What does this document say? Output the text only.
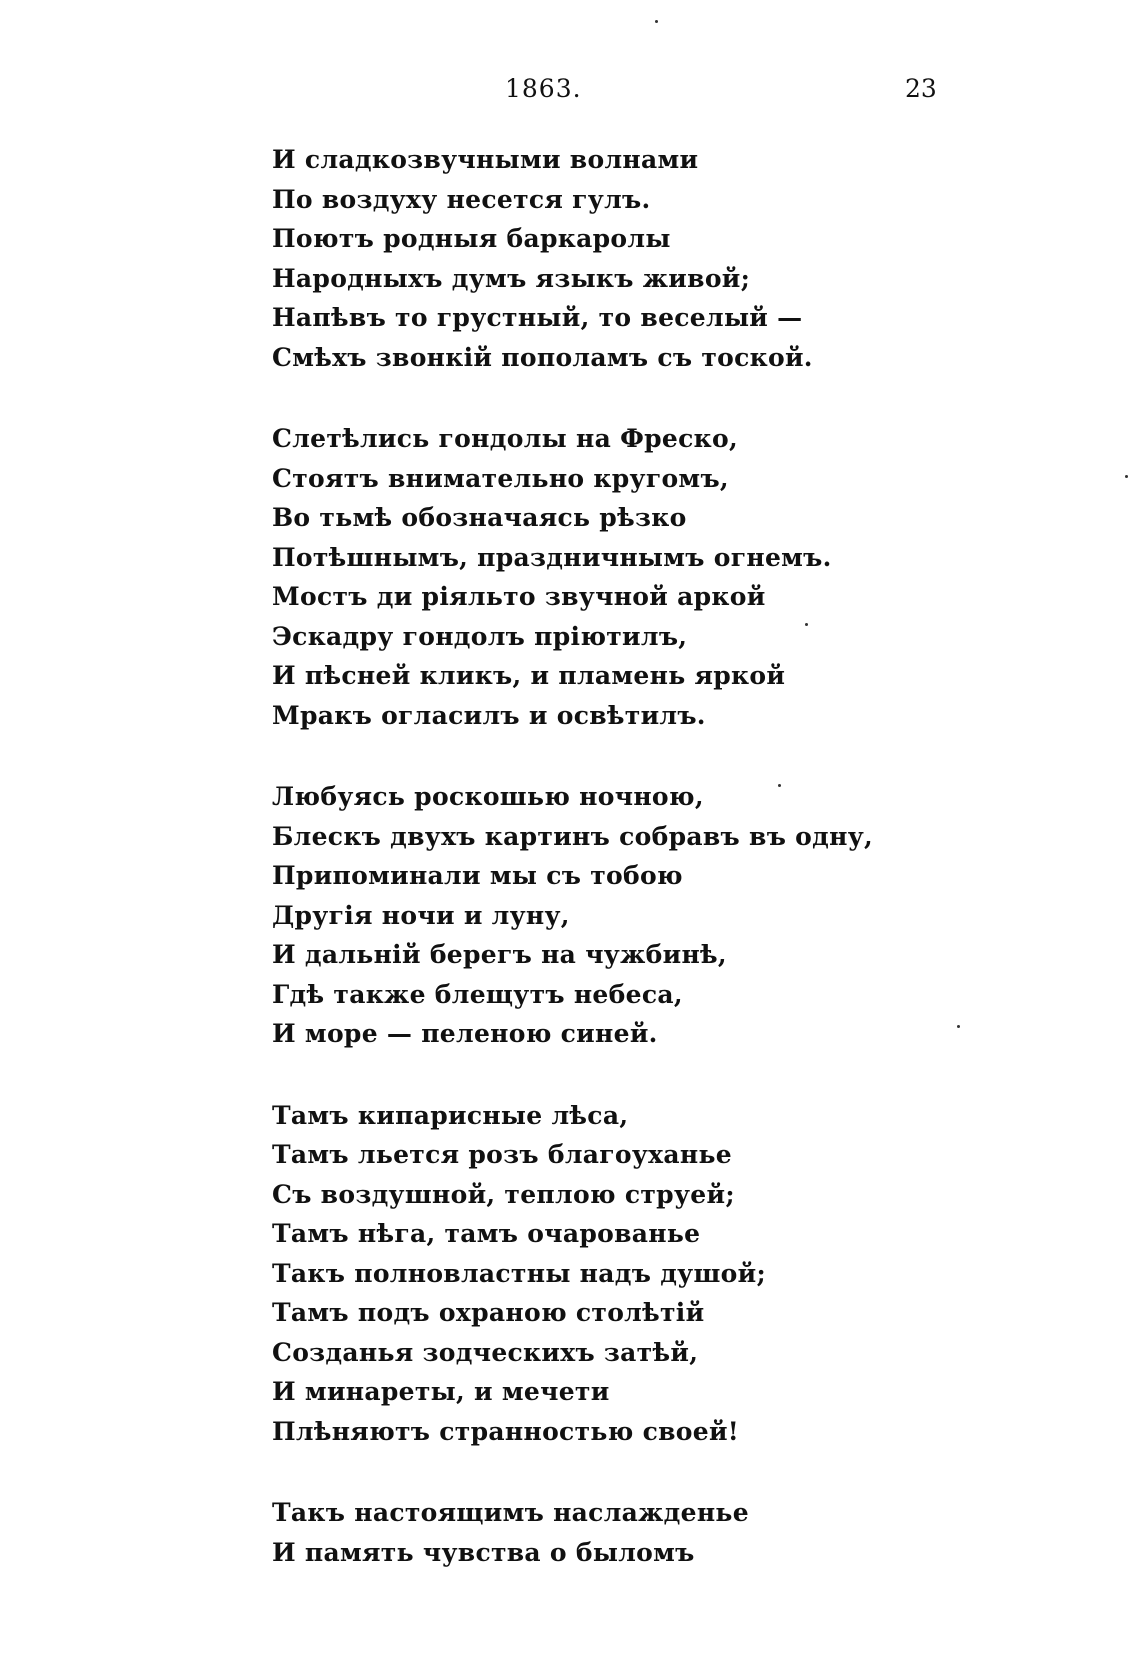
1863.	23
И сладкозвучными волнами
По воздуху несется гулъ.
Поютъ родныя баркаролы
Народныхъ думъ языкъ живой;
Напѣвъ то грустный, то веселый —
Смѣхъ звонкій пополамъ съ тоской.
Слетѣлись гондолы на Фреско,
Стоятъ внимательно кругомъ,
Во тьмѣ обозначаясь рѣзко
Потѣшнымъ, праздничнымъ огнемъ.
Мостъ ди ріяльто звучной аркой
Эскадру гондолъ пріютилъ,
И пѣсней кликъ, и пламень яркой
Мракъ огласилъ и освѣтилъ.
Любуясь роскошью ночною,
Блескъ двухъ картинъ собравъ въ одну,
Припоминали мы съ тобою
Другія ночи и луну,
И дальній берегъ на чужбинѣ,
Гдѣ также блещутъ небеса,
И море — пеленою синей.
Тамъ кипарисные лѣса,
Тамъ льется розъ благоуханье
Съ воздушной, теплою струей;
Тамъ нѣга, тамъ очарованье
Такъ полновластны надъ душой;
Тамъ подъ охраною столѣтій
Созданья зодческихъ затѣй,
И минареты, и мечети
Плѣняютъ странностью своей!
Такъ настоящимъ наслажденье
И память чувства о быломъ
